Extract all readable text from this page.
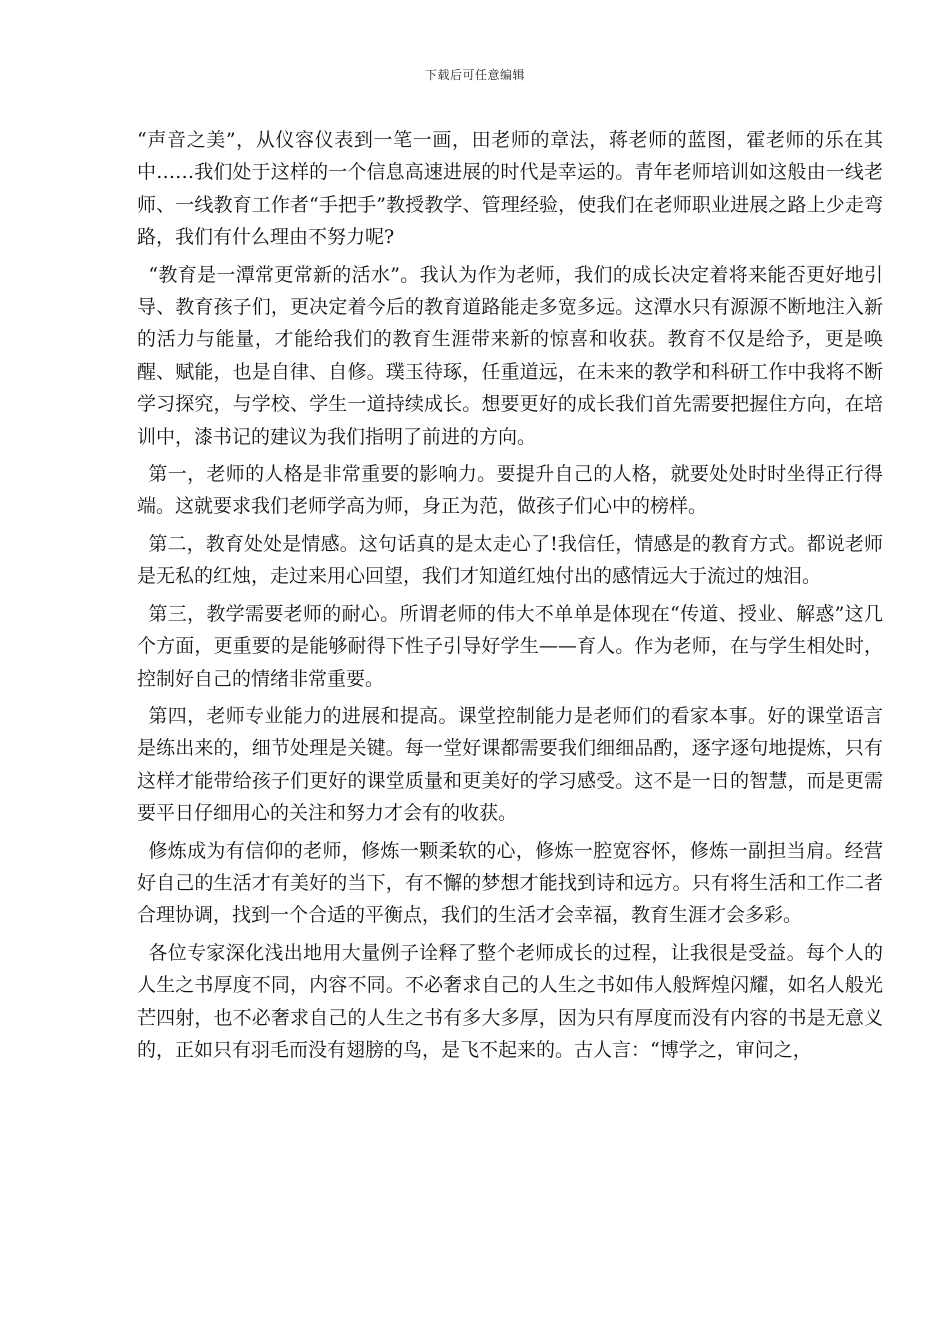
下载后可任意编辑

“声音之美”，从仪容仪表到一笔一画，田老师的章法，蒋老师的蓝图，霍老师的乐在其中……我们处于这样的一个信息高速进展的时代是幸运的。青年老师培训如这般由一线老师、一线教育工作者“手把手”教授教学、管理经验，使我们在老师职业进展之路上少走弯路，我们有什么理由不努力呢?

“教育是一潭常更常新的活水”。我认为作为老师，我们的成长决定着将来能否更好地引导、教育孩子们，更决定着今后的教育道路能走多宽多远。这潭水只有源源不断地注入新的活力与能量，才能给我们的教育生涯带来新的惊喜和收获。教育不仅是给予，更是唤醒、赋能，也是自律、自修。璞玉待琢，任重道远，在未来的教学和科研工作中我将不断学习探究，与学校、学生一道持续成长。想要更好的成长我们首先需要把握住方向，在培训中，漆书记的建议为我们指明了前进的方向。

第一，老师的人格是非常重要的影响力。要提升自己的人格，就要处处时时坐得正行得端。这就要求我们老师学高为师，身正为范，做孩子们心中的榜样。

第二，教育处处是情感。这句话真的是太走心了!我信任，情感是的教育方式。都说老师是无私的红烛，走过来用心回望，我们才知道红烛付出的感情远大于流过的烛泪。

第三，教学需要老师的耐心。所谓老师的伟大不单单是体现在“传道、授业、解惑”这几个方面，更重要的是能够耐得下性子引导好学生——育人。作为老师，在与学生相处时，控制好自己的情绪非常重要。

第四，老师专业能力的进展和提高。课堂控制能力是老师们的看家本事。好的课堂语言是练出来的，细节处理是关键。每一堂好课都需要我们细细品酌，逐字逐句地提炼，只有这样才能带给孩子们更好的课堂质量和更美好的学习感受。这不是一日的智慧，而是更需要平日仔细用心的关注和努力才会有的收获。

修炼成为有信仰的老师，修炼一颗柔软的心，修炼一腔宽容怀，修炼一副担当肩。经营好自己的生活才有美好的当下，有不懈的梦想才能找到诗和远方。只有将生活和工作二者合理协调，找到一个合适的平衡点，我们的生活才会幸福，教育生涯才会多彩。

各位专家深化浅出地用大量例子诠释了整个老师成长的过程，让我很是受益。每个人的人生之书厚度不同，内容不同。不必奢求自己的人生之书如伟人般辉煌闪耀，如名人般光芒四射，也不必奢求自己的人生之书有多大多厚，因为只有厚度而没有内容的书是无意义的，正如只有羽毛而没有翅膀的鸟，是飞不起来的。古人言：“博学之，审问之，
